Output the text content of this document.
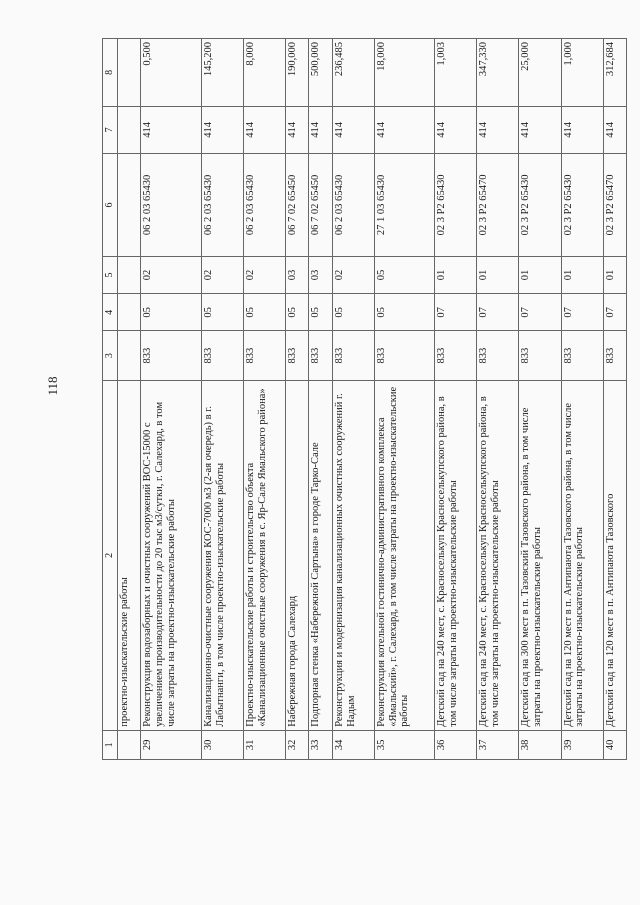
118
1	2	3	4	5	6	7	8
	проектно-изыскательские работы						
29	Реконструкция водозаборных и очистных сооружений ВОС-15000 с увеличением производительности до 20 тыс м3/сутки, г. Салехард, в том числе затраты на проектно-изыскательские работы	833	05	02	06 2 03 65430	414	0,500
30	Канализационно-очистные сооружения КОС-7000 м3 (2-ая очередь) в г. Лабытнанги, в том числе проектно-изыскательские работы	833	05	02	06 2 03 65430	414	145,200
31	Проектно-изыскательские работы и строительство объекта «Канализационные очистные сооружения в с. Яр-Сале Ямальского района»	833	05	02	06 2 03 65430	414	8,000
32	Набережная города Салехард	833	05	03	06 7 02 65450	414	190,000
33	Подпорная стенка «Набережной Сартына» в городе Тарко-Сале	833	05	03	06 7 02 65450	414	500,000
34	Реконструкция и модернизация канализационных очистных сооружений г. Надым	833	05	02	06 2 03 65430	414	236,485
35	Реконструкция котельной гостинично-административного комплекса «Ямальский», г. Салехард, в том числе затраты на проектно-изыскательские работы	833	05	05	27 1 03 65430	414	18,000
36	Детский сад на 240 мест, с. Красноселькуп Красноселькупского района, в том числе затраты на проектно-изыскательские работы	833	07	01	02 3 P2 65430	414	1,003
37	Детский сад на 240 мест, с. Красноселькуп Красноселькупского района, в том числе затраты на проектно-изыскательские работы	833	07	01	02 3 P2 65470	414	347,330
38	Детский сад на 300 мест в п. Тазовский Тазовского района, в том числе затраты на проектно-изыскательские работы	833	07	01	02 3 P2 65430	414	25,000
39	Детский сад на 120 мест в п. Антипаюта Тазовского района, в том числе затраты на проектно-изыскательские работы	833	07	01	02 3 P2 65430	414	1,000
40	Детский сад на 120 мест в п. Антипаюта Тазовского	833	07	01	02 3 P2 65470	414	312,684
